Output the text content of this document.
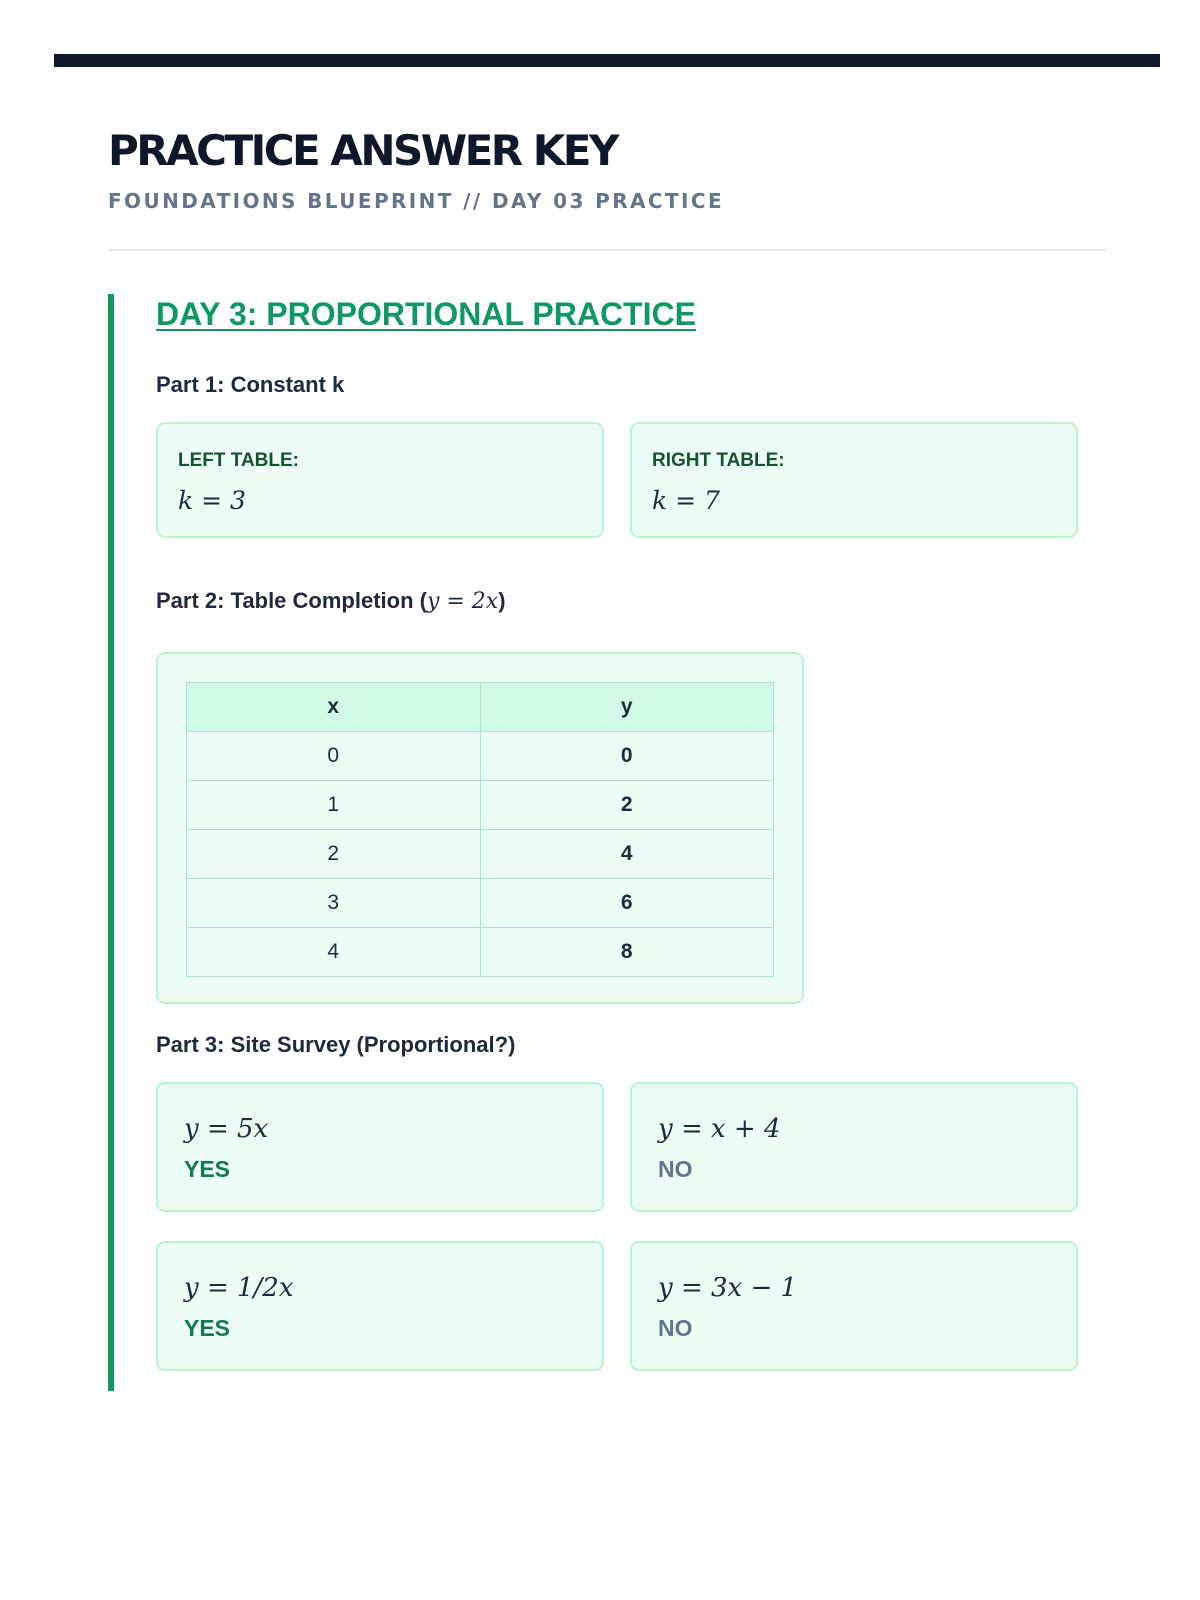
PRACTICE ANSWER KEY
FOUNDATIONS BLUEPRINT // DAY 03 PRACTICE
DAY 3: PROPORTIONAL PRACTICE
Part 1: Constant k
LEFT TABLE:
k = 3
RIGHT TABLE:
k = 7
Part 2: Table Completion (y = 2x)
x	y
0	0
1	2
2	4
3	6
4	8
Part 3: Site Survey (Proportional?)
y = 5x
YES
y = x + 4
NO
y = 1/2x
YES
y = 3x − 1
NO
